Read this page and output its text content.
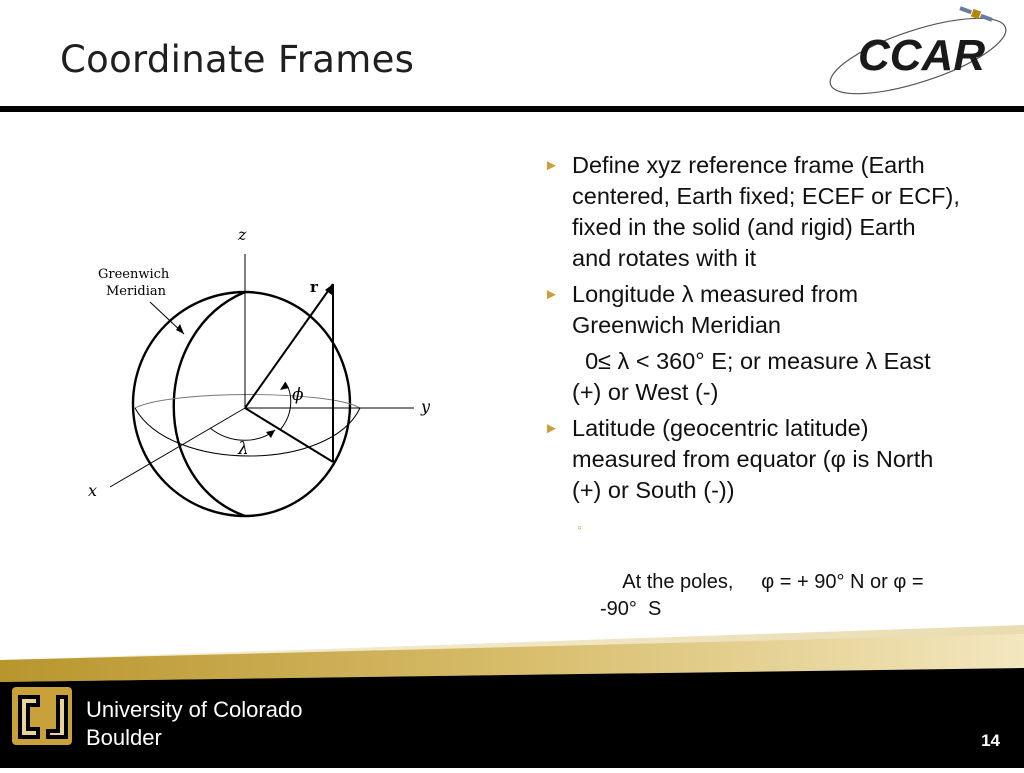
Coordinate Frames	CCAR
z
y
x
r
ϕ
λ
Greenwich
Meridian
► Define xyz reference frame (Earth centered, Earth fixed; ECEF or ECF), fixed in the solid (and rigid) Earth and rotates with it
► Longitude λ measured from Greenwich Meridian
0≤ λ < 360° E; or measure λ East (+) or West (-)
► Latitude (geocentric latitude) measured from equator (φ is North (+) or South (-))

◦

At the poles,     φ = + 90° N or φ = -90°  S

University of Colorado
Boulder	14
